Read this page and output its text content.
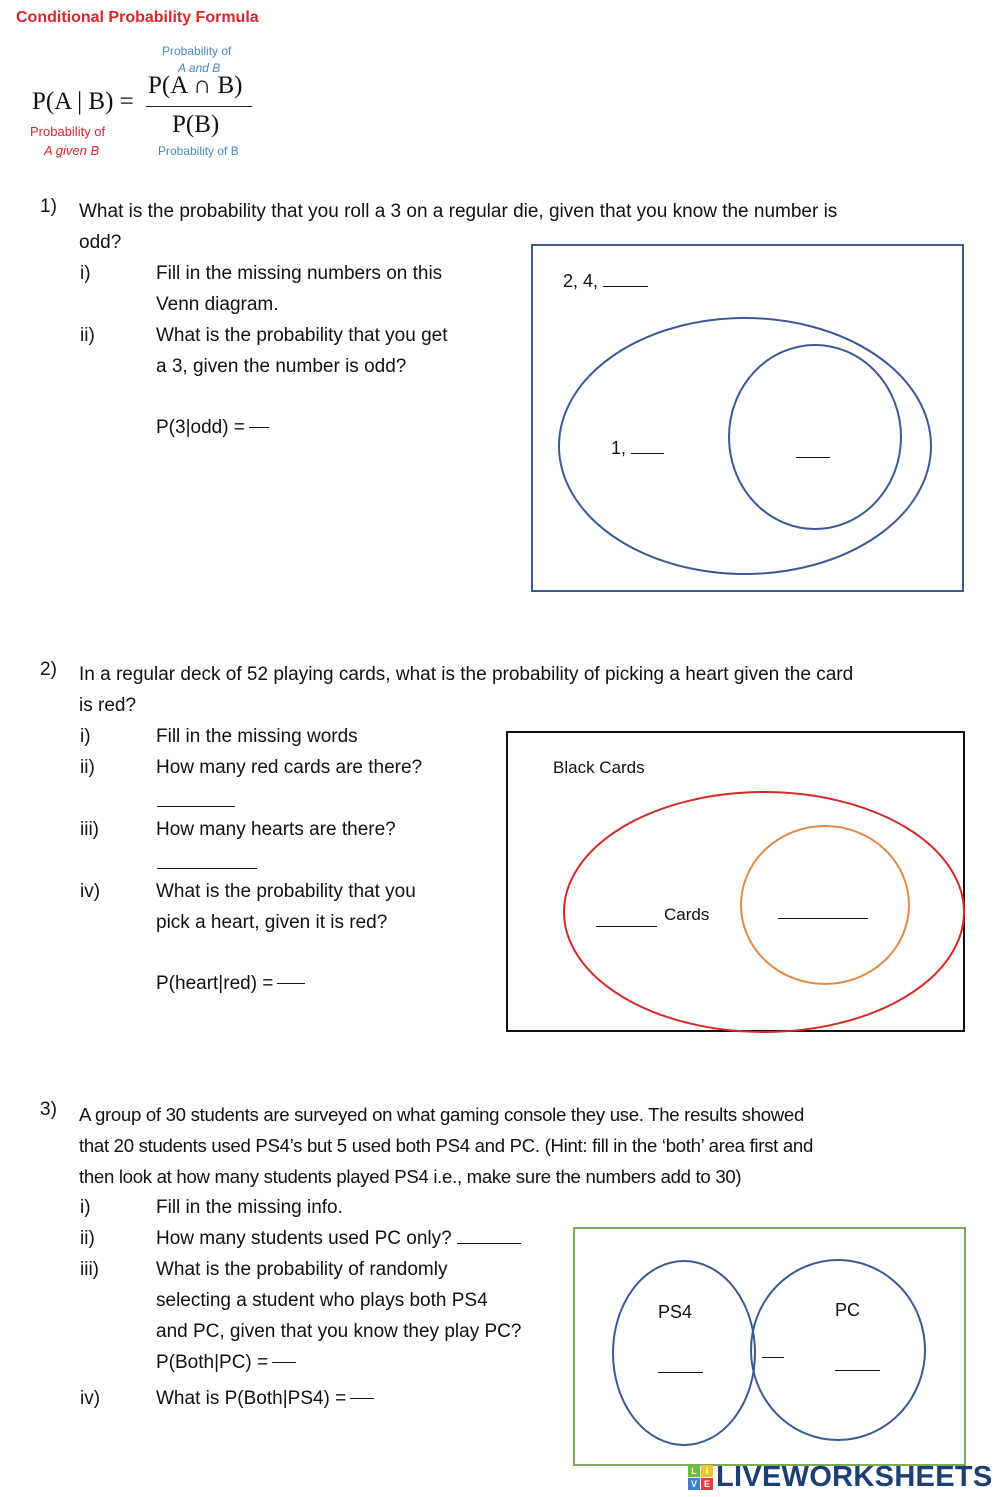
Conditional Probability Formula
Probability of
A and B
P(A | B) =
P(A ∩ B)
P(B)
Probability of
A given B	Probability of B
1) What is the probability that you roll a 3 on a regular die, given that you know the number is
odd?
i)	Fill in the missing numbers on this
Venn diagram.
ii)	What is the probability that you get
a 3, given the number is odd?
P(3|odd) =
2, 4,
1,
2) In a regular deck of 52 playing cards, what is the probability of picking a heart given the card
is red?
i)	Fill in the missing words
ii)	How many red cards are there?
iii)	How many hearts are there?
iv)	What is the probability that you
pick a heart, given it is red?
P(heart|red) =
Black Cards
Cards
3) A group of 30 students are surveyed on what gaming console they use. The results showed
that 20 students used PS4’s but 5 used both PS4 and PC. (Hint: fill in the ‘both’ area first and
then look at how many students played PS4 i.e., make sure the numbers add to 30)
i)	Fill in the missing info.
ii)	How many students used PC only?
iii)	What is the probability of randomly
selecting a student who plays both PS4
and PC, given that you know they play PC?
P(Both|PC) =
iv)	What is P(Both|PS4) =
PS4	PC
L I
V E LIVEWORKSHEETS
